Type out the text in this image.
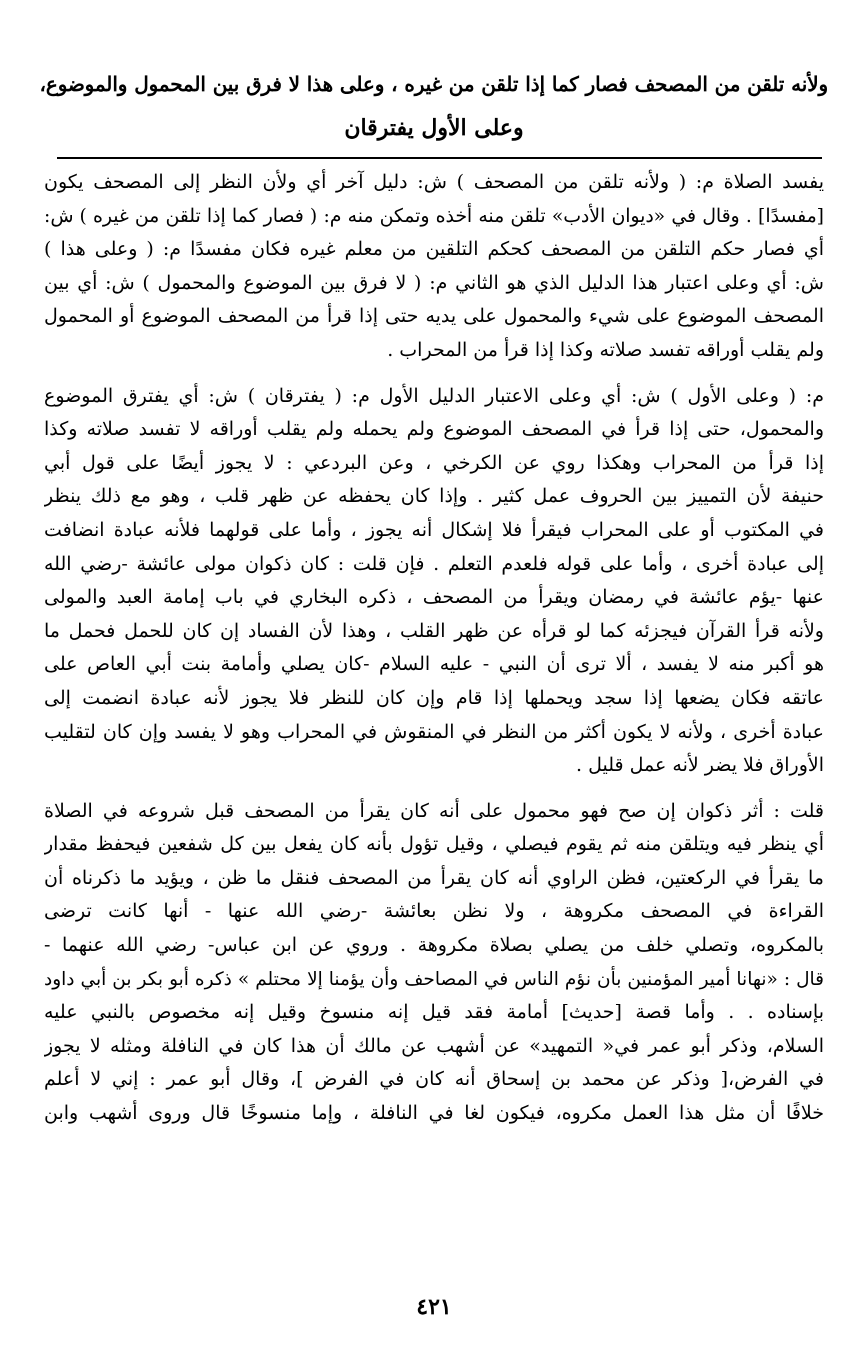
ولأنه تلقن من المصحف فصار كما إذا تلقن من غيره ، وعلى هذا لا فرق بين المحمول والموضوع،
وعلى الأول يفترقان
يفسد الصلاة م: ( ولأنه تلقن من المصحف ) ش: دليل آخر أي ولأن النظر إلى المصحف يكون
[مفسدًا] . وقال في «ديوان الأدب» تلقن منه أخذه وتمكن منه م: ( فصار كما إذا تلقن من غيره ) ش:
أي فصار حكم التلقن من المصحف كحكم التلقين من معلم غيره فكان مفسدًا م: ( وعلى هذا )
ش: أي وعلى اعتبار هذا الدليل الذي هو الثاني م: ( لا فرق بين الموضوع والمحمول ) ش: أي بين
المصحف الموضوع على شيء والمحمول على يديه حتى إذا قرأ من المصحف الموضوع أو المحمول
ولم يقلب أوراقه تفسد صلاته وكذا إذا قرأ من المحراب .
م: ( وعلى الأول ) ش: أي وعلى الاعتبار الدليل الأول م: ( يفترقان ) ش: أي يفترق الموضوع
والمحمول، حتى إذا قرأ في المصحف الموضوع ولم يحمله ولم يقلب أوراقه لا تفسد صلاته وكذا
إذا قرأ من المحراب وهكذا روي عن الكرخي ، وعن البردعي : لا يجوز أيضًا على قول أبي
حنيفة لأن التمييز بين الحروف عمل كثير . وإذا كان يحفظه عن ظهر قلب ، وهو مع ذلك ينظر
في المكتوب أو على المحراب فيقرأ فلا إشكال أنه يجوز ، وأما على قولهما فلأنه عبادة انضافت
إلى عبادة أخرى ، وأما على قوله فلعدم التعلم . فإن قلت : كان ذكوان مولى عائشة -رضي الله
عنها -يؤم عائشة في رمضان ويقرأ من المصحف ، ذكره البخاري في باب إمامة العبد والمولى
ولأنه قرأ القرآن فيجزئه كما لو قرأه عن ظهر القلب ، وهذا لأن الفساد إن كان للحمل فحمل ما
هو أكبر منه لا يفسد ، ألا ترى أن النبي - عليه السلام -كان يصلي وأمامة بنت أبي العاص على
عاتقه فكان يضعها إذا سجد ويحملها إذا قام وإن كان للنظر فلا يجوز لأنه عبادة انضمت إلى
عبادة أخرى ، ولأنه لا يكون أكثر من النظر في المنقوش في المحراب وهو لا يفسد وإن كان لتقليب
الأوراق فلا يضر لأنه عمل قليل .
قلت : أثر ذكوان إن صح فهو محمول على أنه كان يقرأ من المصحف قبل شروعه في الصلاة
أي ينظر فيه ويتلقن منه ثم يقوم فيصلي ، وقيل تؤول بأنه كان يفعل بين كل شفعين فيحفظ مقدار
ما يقرأ في الركعتين، فظن الراوي أنه كان يقرأ من المصحف فنقل ما ظن ، ويؤيد ما ذكرناه أن
القراءة في المصحف مكروهة ، ولا نظن بعائشة -رضي الله عنها - أنها كانت ترضى
بالمكروه، وتصلي خلف من يصلي بصلاة مكروهة . وروي عن ابن عباس- رضي الله عنهما -
قال : «نهانا أمير المؤمنين بأن نؤم الناس في المصاحف وأن يؤمنا إلا محتلم » ذكره أبو بكر بن أبي داود
بإسناده . . وأما قصة [حديث] أمامة فقد قيل إنه منسوخ وقيل إنه مخصوص بالنبي عليه
السلام، وذكر أبو عمر في« التمهيد» عن أشهب عن مالك أن هذا كان في النافلة ومثله لا يجوز
في الفرض،[ وذكر عن محمد بن إسحاق أنه كان في الفرض ]، وقال أبو عمر : إني لا أعلم
خلافًا أن مثل هذا العمل مكروه، فيكون لغا في النافلة ، وإما منسوخًا قال وروى أشهب وابن
٤٢١
